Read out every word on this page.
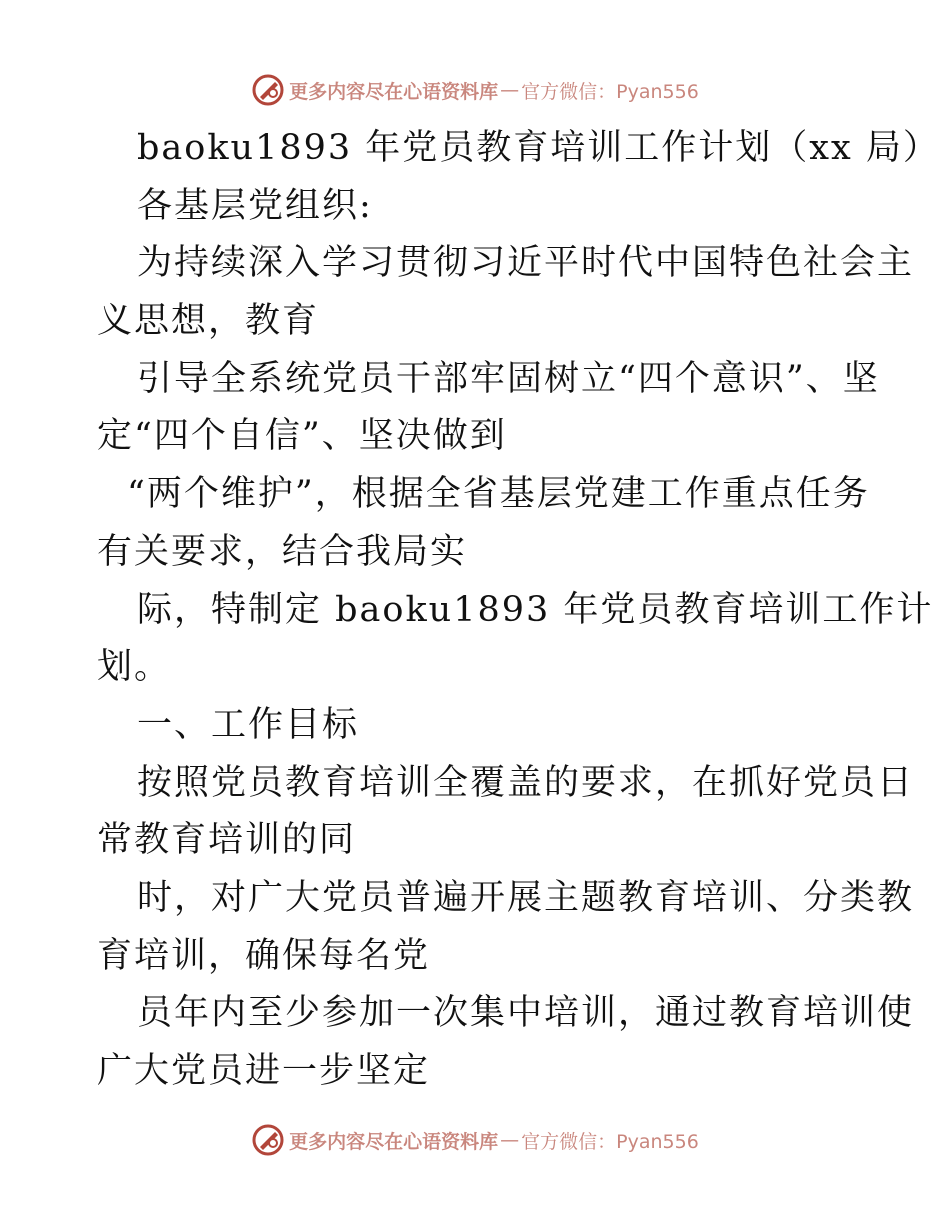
更多内容尽在心语资料库 — 官方微信：Pyan556
baoku1893 年党员教育培训工作计划（xx 局）
各基层党组织:
为持续深入学习贯彻习近平时代中国特色社会主
义思想，教育
引导全系统党员干部牢固树立“四个意识”、坚
定“四个自信”、坚决做到
“两个维护”，根据全省基层党建工作重点任务
有关要求，结合我局实
际，特制定 baoku1893 年党员教育培训工作计
划。
一、工作目标
按照党员教育培训全覆盖的要求，在抓好党员日
常教育培训的同
时，对广大党员普遍开展主题教育培训、分类教
育培训，确保每名党
员年内至少参加一次集中培训，通过教育培训使
广大党员进一步坚定
更多内容尽在心语资料库 — 官方微信：Pyan556
